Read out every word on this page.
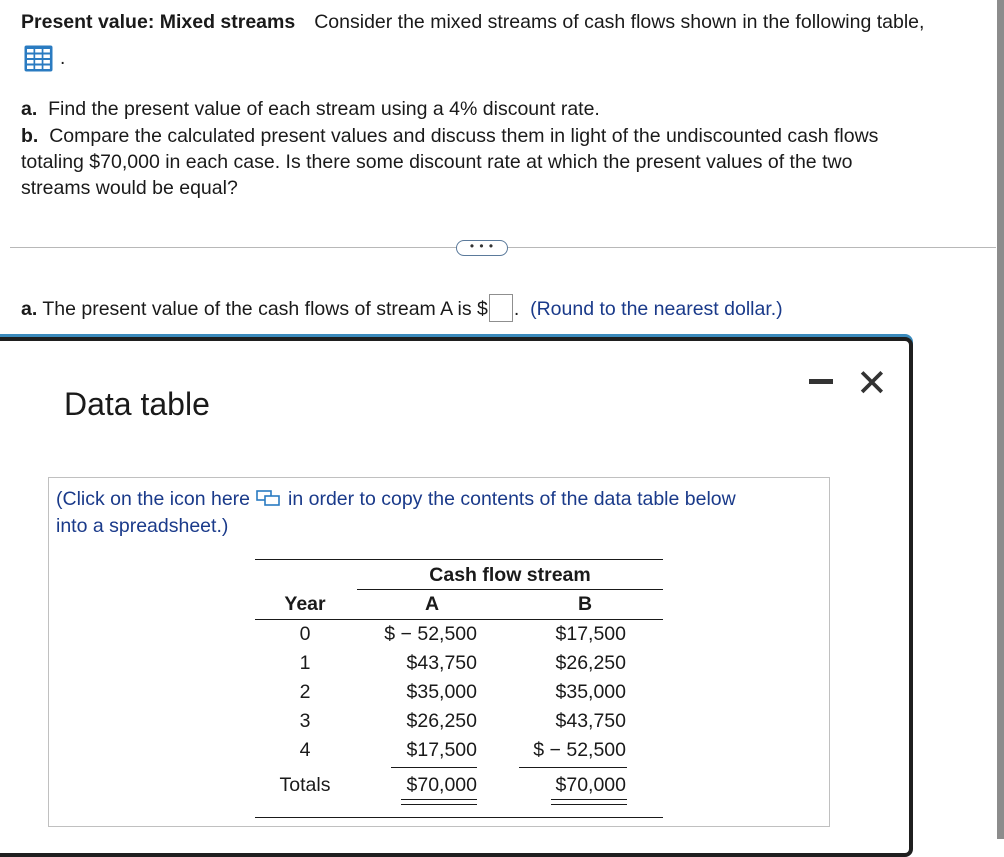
Present value: Mixed streams Consider the mixed streams of cash flows shown in the following table,
.
a. Find the present value of each stream using a 4% discount rate.
b. Compare the calculated present values and discuss them in light of the undiscounted cash flows
totaling $70,000 in each case. Is there some discount rate at which the present values of the two
streams would be equal?
• • •
a. The present value of the cash flows of stream A is $ . (Round to the nearest dollar.)
Data table	✕
(Click on the icon here in order to copy the contents of the data table below
into a spreadsheet.)
Cash flow stream
Year	A	B
0	$ − 52,500	$17,500
1	$43,750	$26,250
2	$35,000	$35,000
3	$26,250	$43,750
4	$17,500	$ − 52,500
Totals	$70,000	$70,000
